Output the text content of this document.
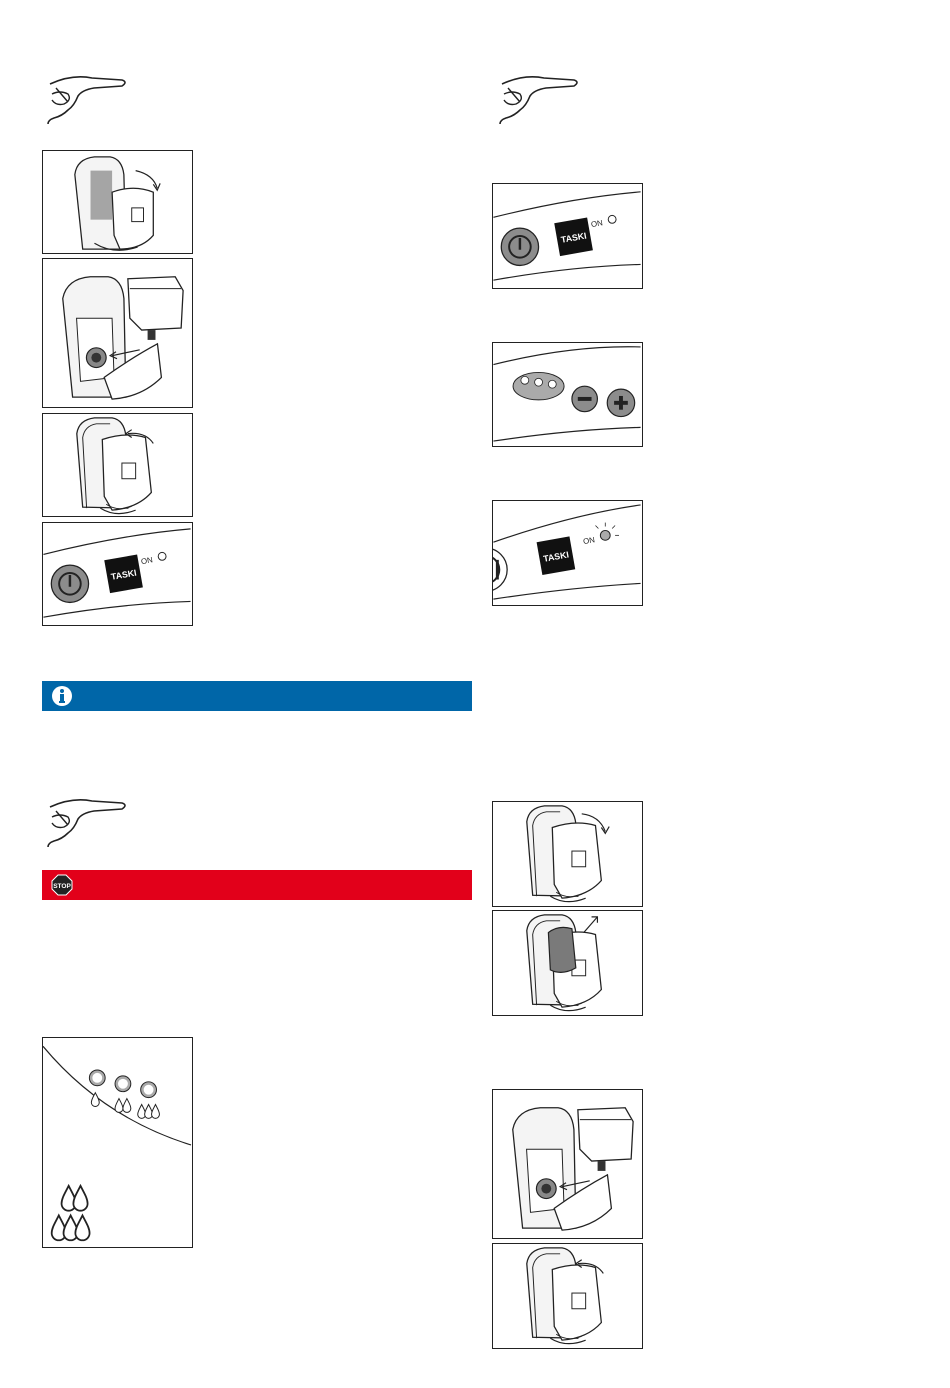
TASKI
ON
STOP
TASKI
ON
TASKI
ON
